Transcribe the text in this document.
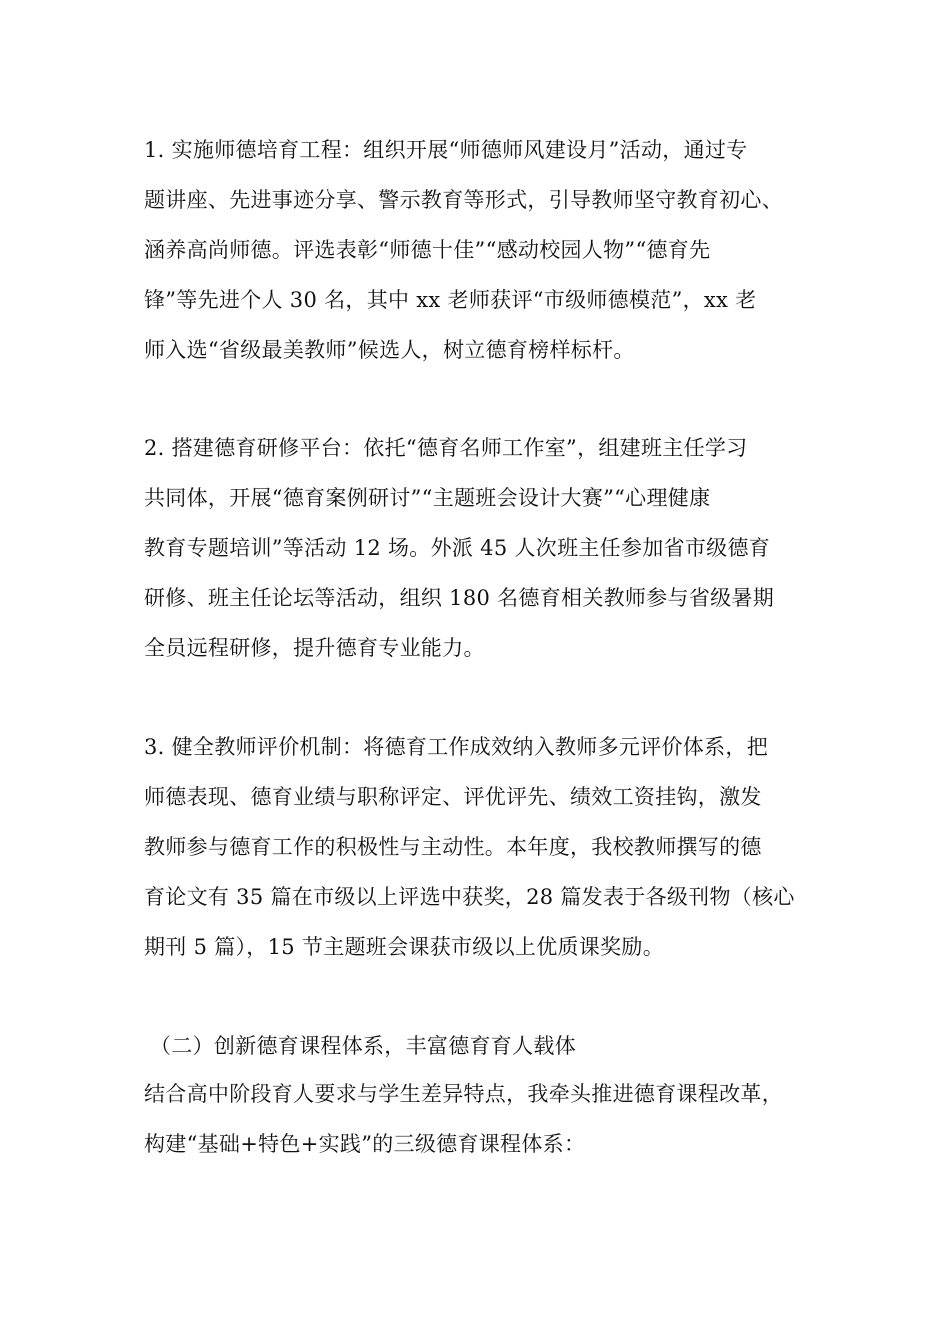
1. 实施师德培育工程：组织开展“师德师风建设月”活动，通过专
题讲座、先进事迹分享、警示教育等形式，引导教师坚守教育初心、
涵养高尚师德。评选表彰“师德十佳”“感动校园人物”“德育先
锋”等先进个人 30 名，其中 xx 老师获评“市级师德模范”，xx 老
师入选“省级最美教师”候选人，树立德育榜样标杆。
2. 搭建德育研修平台：依托“德育名师工作室”，组建班主任学习
共同体，开展“德育案例研讨”“主题班会设计大赛”“心理健康
教育专题培训”等活动 12 场。外派 45 人次班主任参加省市级德育
研修、班主任论坛等活动，组织 180 名德育相关教师参与省级暑期
全员远程研修，提升德育专业能力。
3. 健全教师评价机制：将德育工作成效纳入教师多元评价体系，把
师德表现、德育业绩与职称评定、评优评先、绩效工资挂钩，激发
教师参与德育工作的积极性与主动性。本年度，我校教师撰写的德
育论文有 35 篇在市级以上评选中获奖，28 篇发表于各级刊物（核心
期刊 5 篇），15 节主题班会课获市级以上优质课奖励。
（二）创新德育课程体系，丰富德育育人载体
结合高中阶段育人要求与学生差异特点，我牵头推进德育课程改革，
构建“基础+特色+实践”的三级德育课程体系：
